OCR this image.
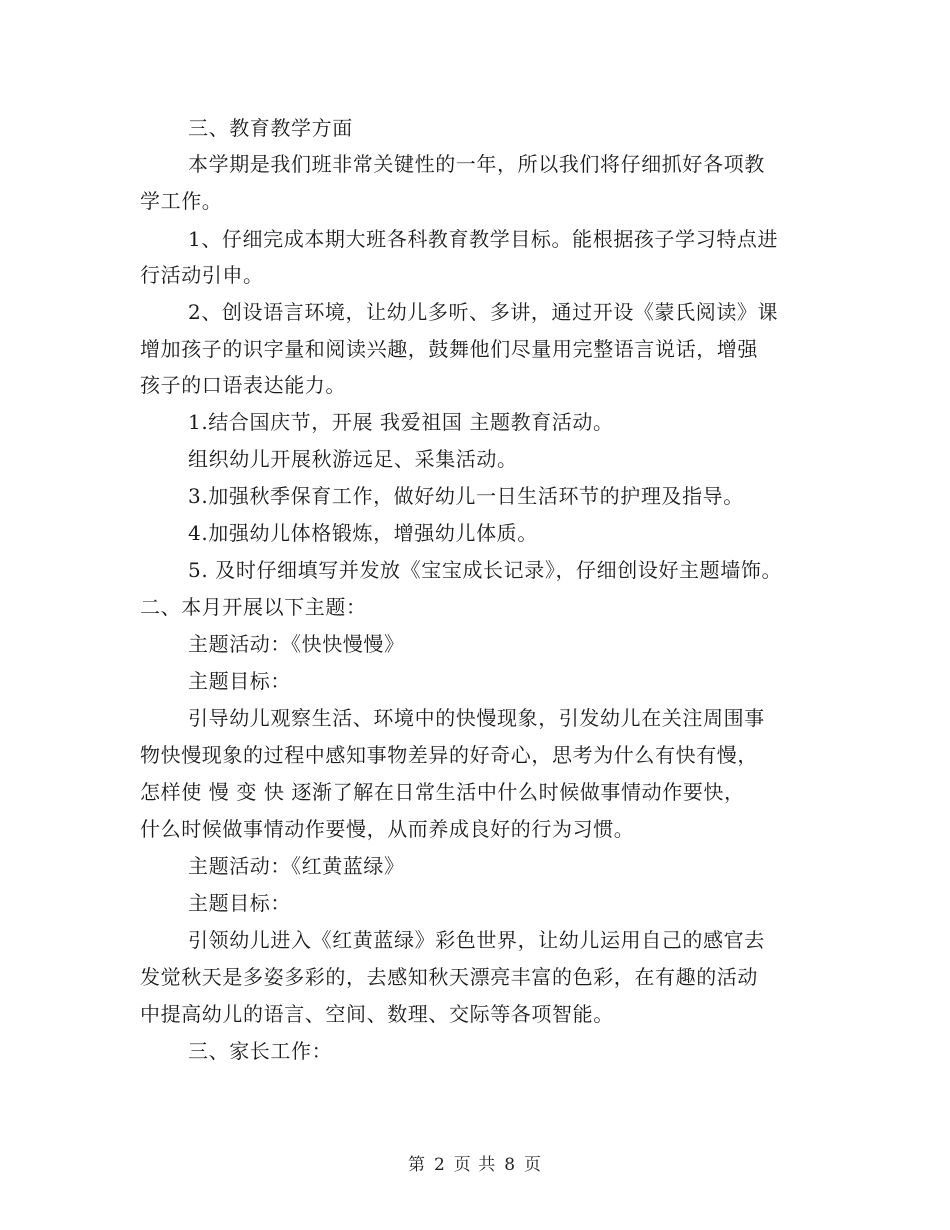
三、教育教学方面
本学期是我们班非常关键性的一年，所以我们将仔细抓好各项教
学工作。
1、仔细完成本期大班各科教育教学目标。能根据孩子学习特点进
行活动引申。
2、创设语言环境，让幼儿多听、多讲，通过开设《蒙氏阅读》课
增加孩子的识字量和阅读兴趣，鼓舞他们尽量用完整语言说话，增强
孩子的口语表达能力。
1.结合国庆节，开展 我爱祖国 主题教育活动。
组织幼儿开展秋游远足、采集活动。
3.加强秋季保育工作，做好幼儿一日生活环节的护理及指导。
4.加强幼儿体格锻炼，增强幼儿体质。
5. 及时仔细填写并发放《宝宝成长记录》，仔细创设好主题墙饰。
二、本月开展以下主题：
主题活动：《快快慢慢》
主题目标：
引导幼儿观察生活、环境中的快慢现象，引发幼儿在关注周围事
物快慢现象的过程中感知事物差异的好奇心，思考为什么有快有慢，
怎样使 慢 变 快 逐渐了解在日常生活中什么时候做事情动作要快，
什么时候做事情动作要慢，从而养成良好的行为习惯。
主题活动：《红黄蓝绿》
主题目标：
引领幼儿进入《红黄蓝绿》彩色世界，让幼儿运用自己的感官去
发觉秋天是多姿多彩的，去感知秋天漂亮丰富的色彩，在有趣的活动
中提高幼儿的语言、空间、数理、交际等各项智能。
三、家长工作：
第 2 页 共 8 页
